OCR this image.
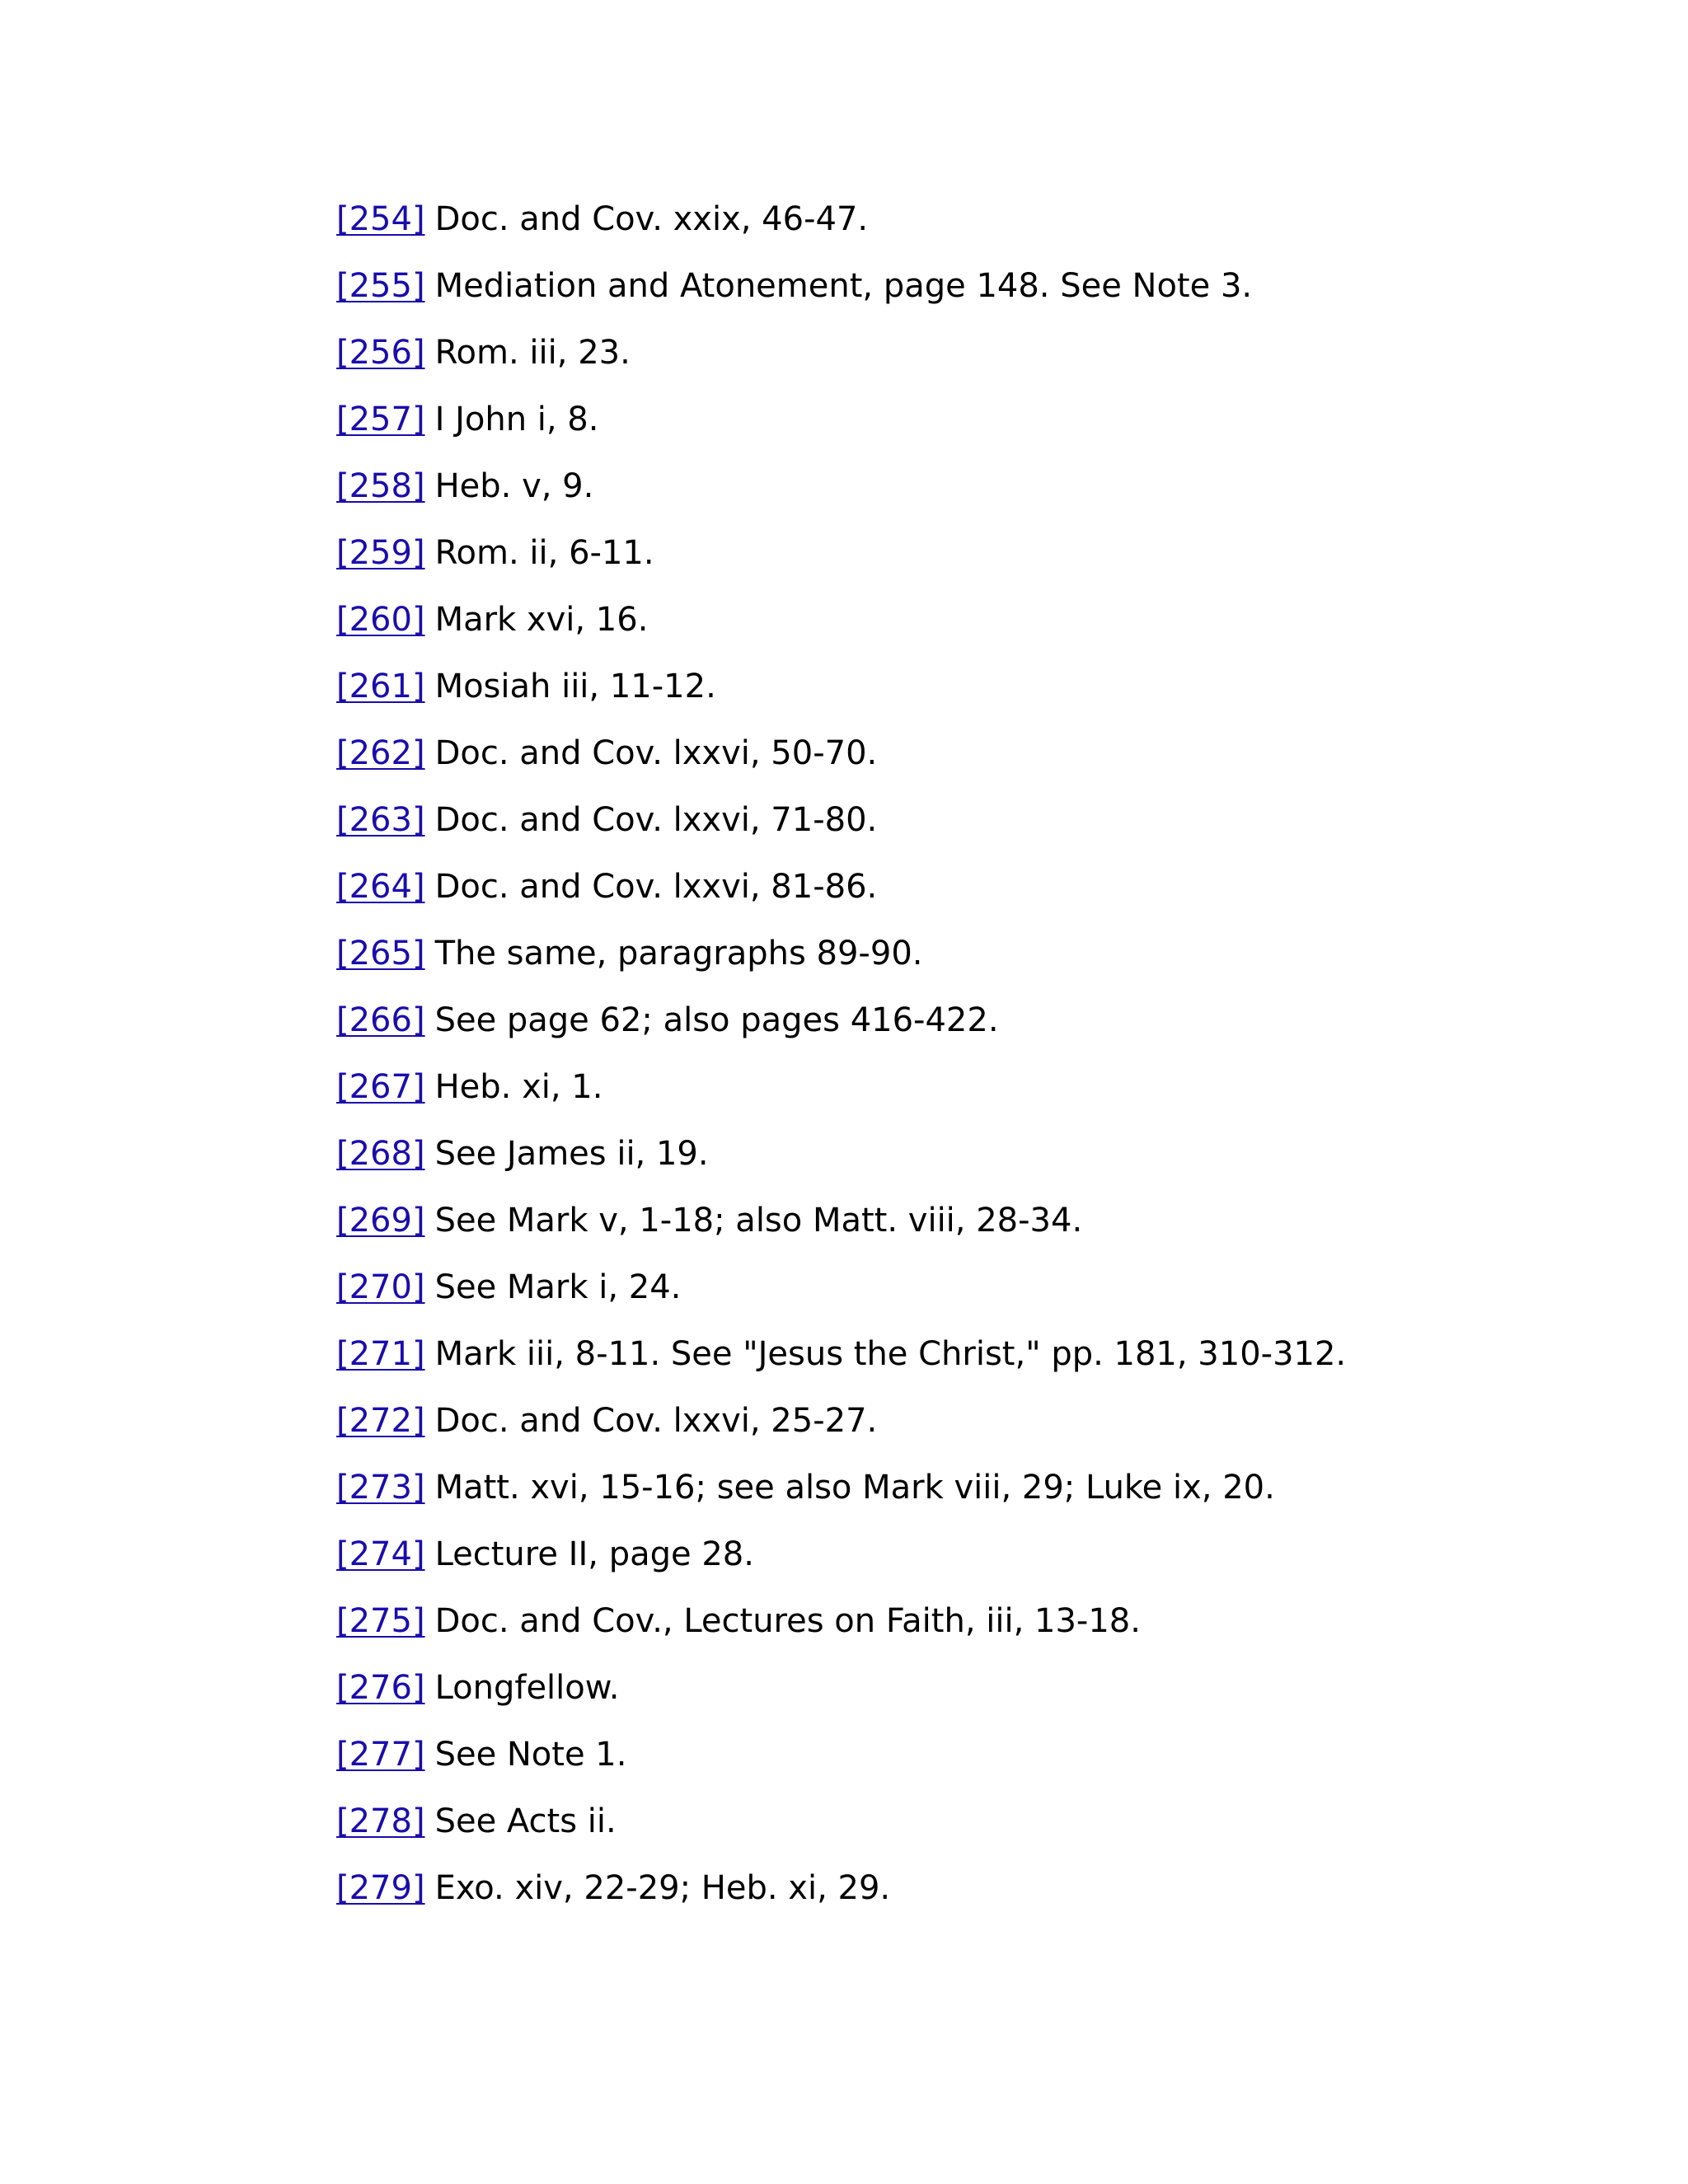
[254] Doc. and Cov. xxix, 46-47.
[255] Mediation and Atonement, page 148. See Note 3.
[256] Rom. iii, 23.
[257] I John i, 8.
[258] Heb. v, 9.
[259] Rom. ii, 6-11.
[260] Mark xvi, 16.
[261] Mosiah iii, 11-12.
[262] Doc. and Cov. lxxvi, 50-70.
[263] Doc. and Cov. lxxvi, 71-80.
[264] Doc. and Cov. lxxvi, 81-86.
[265] The same, paragraphs 89-90.
[266] See page 62; also pages 416-422.
[267] Heb. xi, 1.
[268] See James ii, 19.
[269] See Mark v, 1-18; also Matt. viii, 28-34.
[270] See Mark i, 24.
[271] Mark iii, 8-11. See "Jesus the Christ," pp. 181, 310-312.
[272] Doc. and Cov. lxxvi, 25-27.
[273] Matt. xvi, 15-16; see also Mark viii, 29; Luke ix, 20.
[274] Lecture II, page 28.
[275] Doc. and Cov., Lectures on Faith, iii, 13-18.
[276] Longfellow.
[277] See Note 1.
[278] See Acts ii.
[279] Exo. xiv, 22-29; Heb. xi, 29.
